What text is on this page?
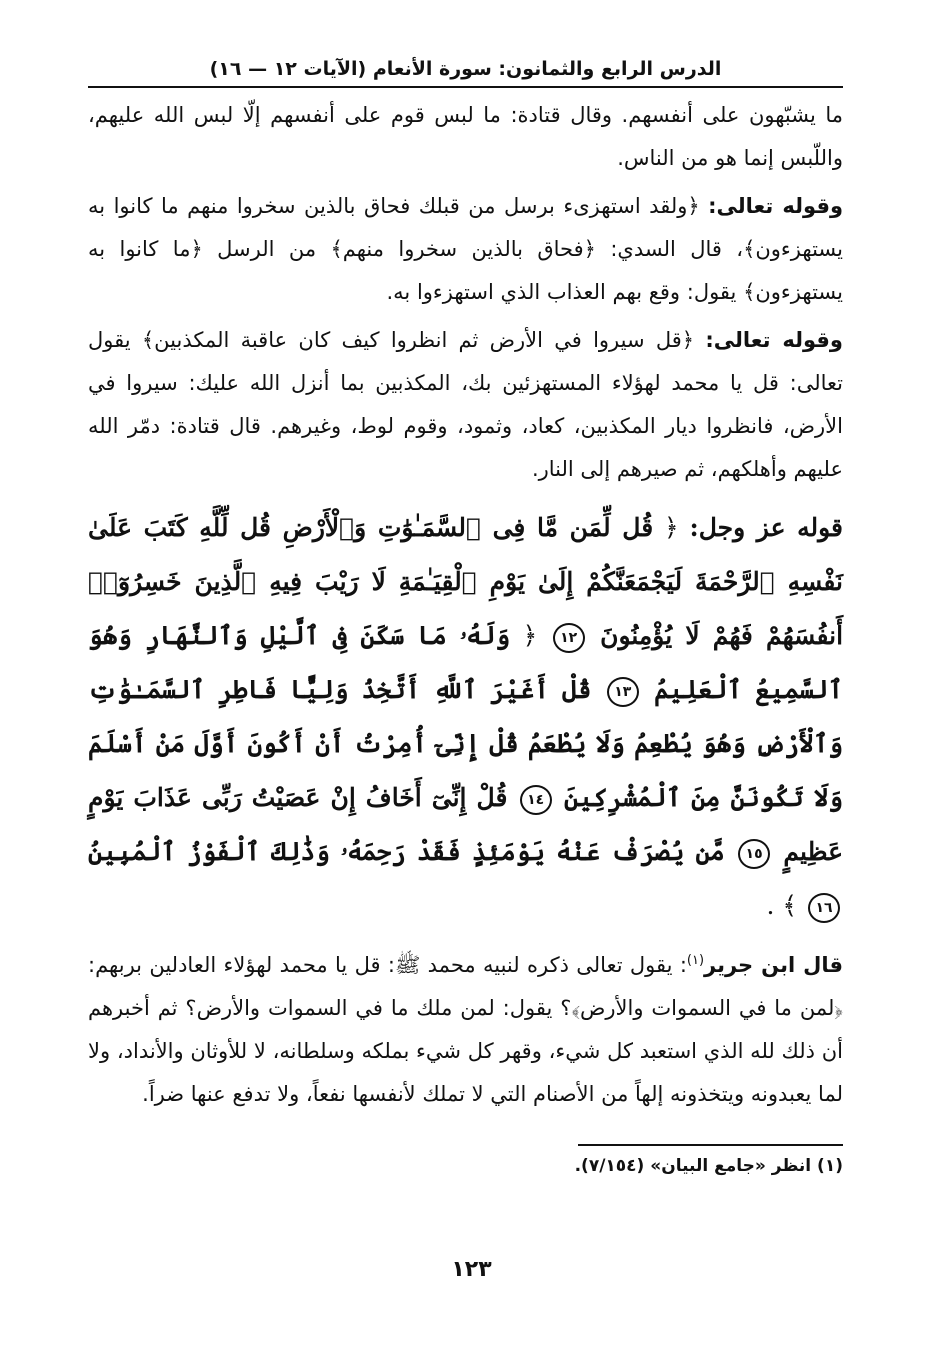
الدرس الرابع والثمانون: سورة الأنعام (الآيات ١٢ — ١٦)

ما يشبّهون على أنفسهم. وقال قتادة: ما لبس قوم على أنفسهم إلّا لبس الله عليهم، واللّبس إنما هو من الناس.

وقوله تعالى: ﴿ولقد استهزىء برسل من قبلك فحاق بالذين سخروا منهم ما كانوا به يستهزءون﴾، قال السدي: ﴿فحاق بالذين سخروا منهم﴾ من الرسل ﴿ما كانوا به يستهزءون﴾ يقول: وقع بهم العذاب الذي استهزءوا به.

وقوله تعالى: ﴿قل سيروا في الأرض ثم انظروا كيف كان عاقبة المكذبين﴾ يقول تعالى: قل يا محمد لهؤلاء المستهزئين بك، المكذبين بما أنزل الله عليك: سيروا في الأرض، فانظروا ديار المكذبين، كعاد، وثمود، وقوم لوط، وغيرهم. قال قتادة: دمّر الله عليهم وأهلكهم، ثم صيرهم إلى النار.

قوله عز وجل: ﴿ قُل لِّمَن مَّا فِى ٱلسَّمَـٰوَٰتِ وَٱلْأَرْضِ قُل لِّلَّهِ كَتَبَ عَلَىٰ نَفْسِهِ ٱلرَّحْمَةَ لَيَجْمَعَنَّكُمْ إِلَىٰ يَوْمِ ٱلْقِيَـٰمَةِ لَا رَيْبَ فِيهِ ٱلَّذِينَ خَسِرُوٓا۟ أَنفُسَهُمْ فَهُمْ لَا يُؤْمِنُونَ ١٢ ﴿ وَلَهُۥ مَا سَكَنَ فِى ٱلَّيْلِ وَٱلنَّهَارِ وَهُوَ ٱلسَّمِيعُ ٱلْعَلِيمُ ١٣ قُلْ أَغَيْرَ ٱللَّهِ أَتَّخِذُ وَلِيًّا فَاطِرِ ٱلسَّمَـٰوَٰتِ وَٱلْأَرْضِ وَهُوَ يُطْعِمُ وَلَا يُطْعَمُ قُلْ إِنِّىٓ أُمِرْتُ أَنْ أَكُونَ أَوَّلَ مَنْ أَسْلَمَ وَلَا تَكُونَنَّ مِنَ ٱلْمُشْرِكِينَ ١٤ قُلْ إِنِّىٓ أَخَافُ إِنْ عَصَيْتُ رَبِّى عَذَابَ يَوْمٍ عَظِيمٍ ١٥ مَّن يُصْرَفْ عَنْهُ يَوْمَئِذٍ فَقَدْ رَحِمَهُۥ وَذَٰلِكَ ٱلْفَوْزُ ٱلْمُبِينُ ١٦ ﴾ .

قال ابن جرير$^{(١)}$: يقول تعالى ذكره لنبيه محمد ﷺ: قل يا محمد لهؤلاء العادلين بربهم: ﴿لمن ما في السموات والأرض﴾؟ يقول: لمن ملك ما في السموات والأرض؟ ثم أخبرهم أن ذلك لله الذي استعبد كل شيء، وقهر كل شيء بملكه وسلطانه، لا للأوثان والأنداد، ولا لما يعبدونه ويتخذونه إلهاً من الأصنام التي لا تملك لأنفسها نفعاً، ولا تدفع عنها ضراً.

(١) انظر «جامع البيان» (٧/١٥٤).

١٢٣
